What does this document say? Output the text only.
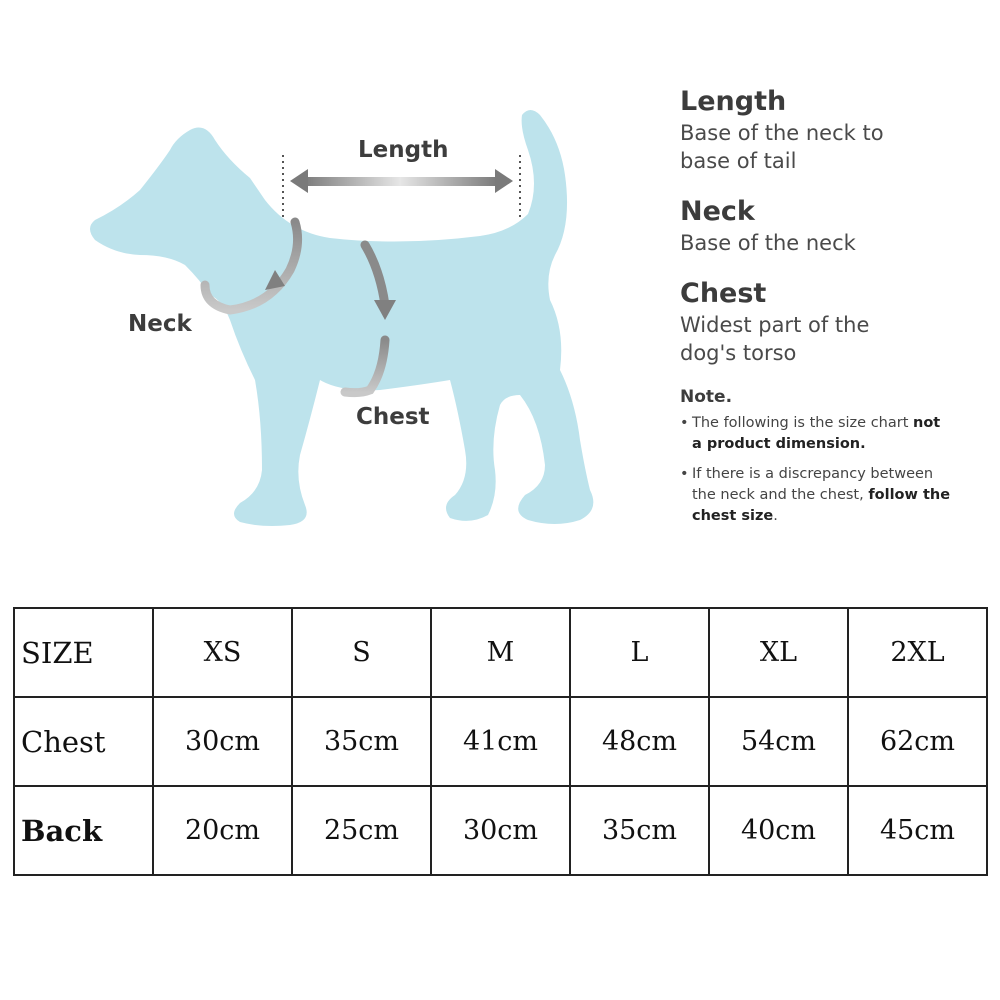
Length
Neck
Chest

Length

Base of the neck to base of tail

Neck

Base of the neck

Chest

Widest part of the dog's torso

Note.
• The following is the size chart not a product dimension.
• If there is a discrepancy between the neck and the chest, follow the chest size.
SIZE	XS	S	M	L	XL	2XL
Chest	30cm	35cm	41cm	48cm	54cm	62cm
Back	20cm	25cm	30cm	35cm	40cm	45cm
